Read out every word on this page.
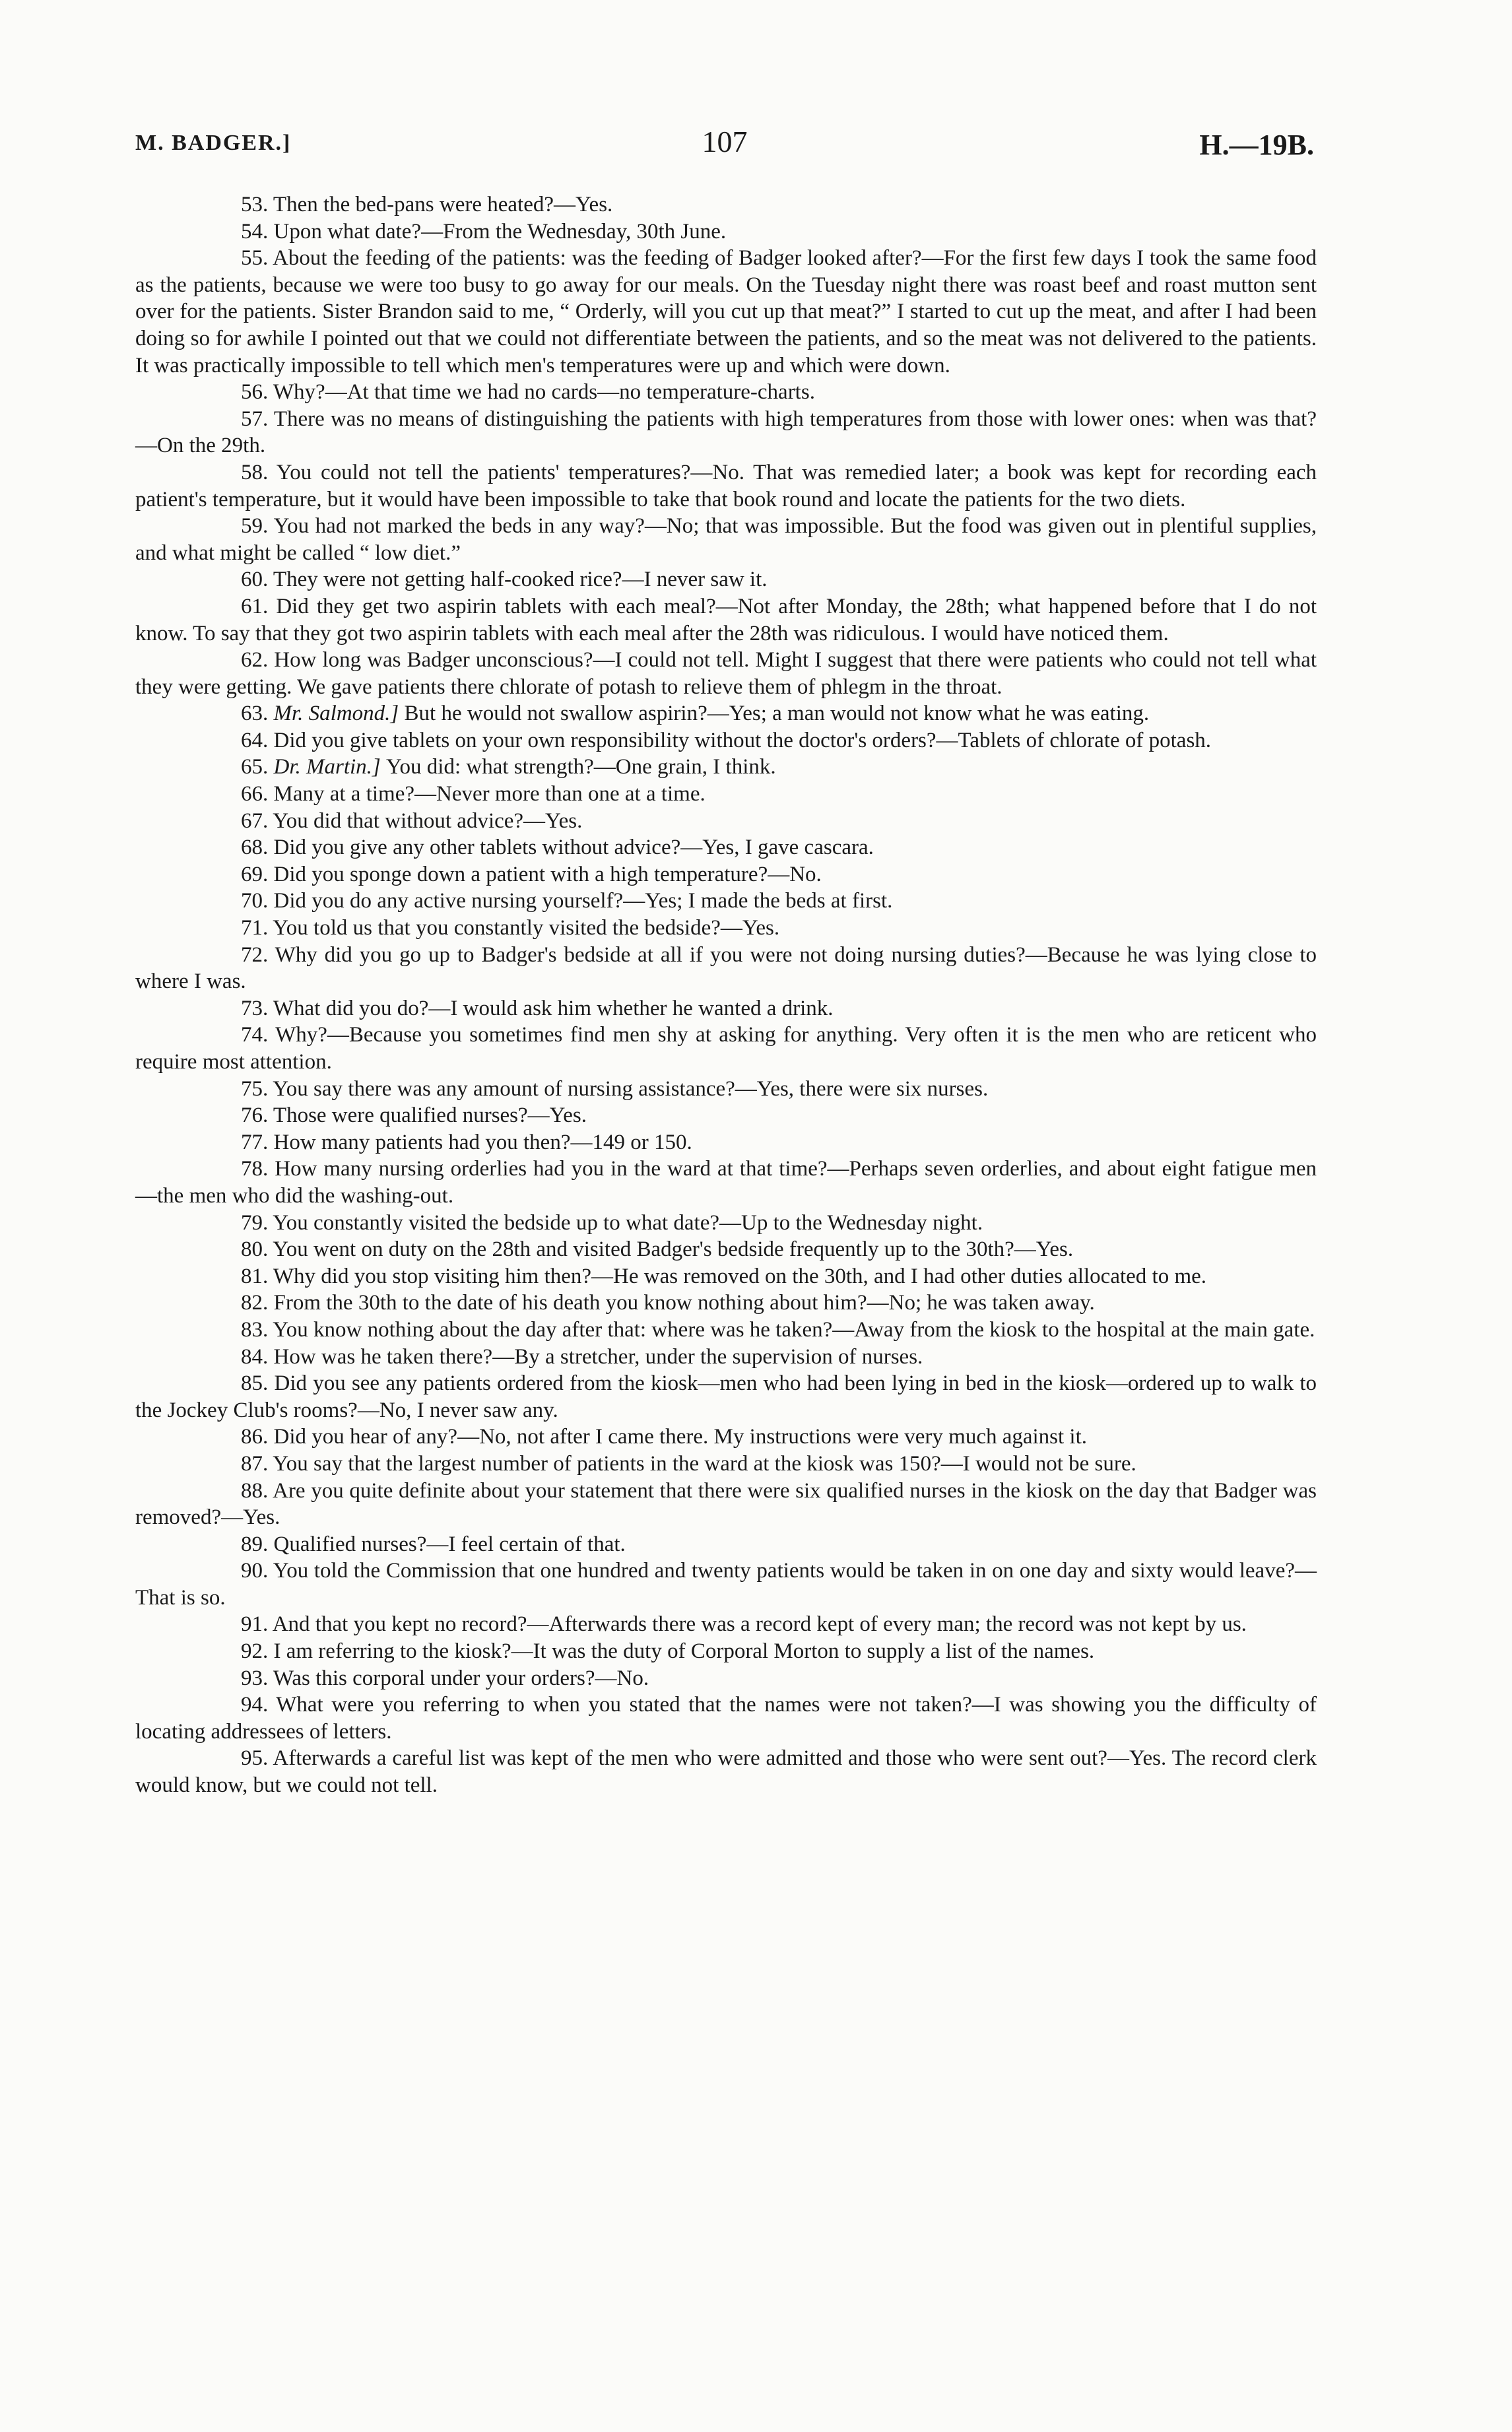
M. BADGER.]	107	H.—19B.

53. Then the bed-pans were heated?—Yes.

54. Upon what date?—From the Wednesday, 30th June.

55. About the feeding of the patients: was the feeding of Badger looked after?—For the first few days I took the same food as the patients, because we were too busy to go away for our meals. On the Tuesday night there was roast beef and roast mutton sent over for the patients. Sister Brandon said to me, “ Orderly, will you cut up that meat?” I started to cut up the meat, and after I had been doing so for awhile I pointed out that we could not differentiate between the patients, and so the meat was not delivered to the patients. It was practically impossible to tell which men's temperatures were up and which were down.

56. Why?—At that time we had no cards—no temperature-charts.

57. There was no means of distinguishing the patients with high temperatures from those with lower ones: when was that?—On the 29th.

58. You could not tell the patients' temperatures?—No. That was remedied later; a book was kept for recording each patient's temperature, but it would have been impossible to take that book round and locate the patients for the two diets.

59. You had not marked the beds in any way?—No; that was impossible. But the food was given out in plentiful supplies, and what might be called “ low diet.”

60. They were not getting half-cooked rice?—I never saw it.

61. Did they get two aspirin tablets with each meal?—Not after Monday, the 28th; what happened before that I do not know. To say that they got two aspirin tablets with each meal after the 28th was ridiculous. I would have noticed them.

62. How long was Badger unconscious?—I could not tell. Might I suggest that there were patients who could not tell what they were getting. We gave patients there chlorate of potash to relieve them of phlegm in the throat.

63. Mr. Salmond.] But he would not swallow aspirin?—Yes; a man would not know what he was eating.

64. Did you give tablets on your own responsibility without the doctor's orders?—Tablets of chlorate of potash.

65. Dr. Martin.] You did: what strength?—One grain, I think.

66. Many at a time?—Never more than one at a time.

67. You did that without advice?—Yes.

68. Did you give any other tablets without advice?—Yes, I gave cascara.

69. Did you sponge down a patient with a high temperature?—No.

70. Did you do any active nursing yourself?—Yes; I made the beds at first.

71. You told us that you constantly visited the bedside?—Yes.

72. Why did you go up to Badger's bedside at all if you were not doing nursing duties?—Because he was lying close to where I was.

73. What did you do?—I would ask him whether he wanted a drink.

74. Why?—Because you sometimes find men shy at asking for anything. Very often it is the men who are reticent who require most attention.

75. You say there was any amount of nursing assistance?—Yes, there were six nurses.

76. Those were qualified nurses?—Yes.

77. How many patients had you then?—149 or 150.

78. How many nursing orderlies had you in the ward at that time?—Perhaps seven orderlies, and about eight fatigue men—the men who did the washing-out.

79. You constantly visited the bedside up to what date?—Up to the Wednesday night.

80. You went on duty on the 28th and visited Badger's bedside frequently up to the 30th?—Yes.

81. Why did you stop visiting him then?—He was removed on the 30th, and I had other duties allocated to me.

82. From the 30th to the date of his death you know nothing about him?—No; he was taken away.

83. You know nothing about the day after that: where was he taken?—Away from the kiosk to the hospital at the main gate.

84. How was he taken there?—By a stretcher, under the supervision of nurses.

85. Did you see any patients ordered from the kiosk—men who had been lying in bed in the kiosk—ordered up to walk to the Jockey Club's rooms?—No, I never saw any.

86. Did you hear of any?—No, not after I came there. My instructions were very much against it.

87. You say that the largest number of patients in the ward at the kiosk was 150?—I would not be sure.

88. Are you quite definite about your statement that there were six qualified nurses in the kiosk on the day that Badger was removed?—Yes.

89. Qualified nurses?—I feel certain of that.

90. You told the Commission that one hundred and twenty patients would be taken in on one day and sixty would leave?—That is so.

91. And that you kept no record?—Afterwards there was a record kept of every man; the record was not kept by us.

92. I am referring to the kiosk?—It was the duty of Corporal Morton to supply a list of the names.

93. Was this corporal under your orders?—No.

94. What were you referring to when you stated that the names were not taken?—I was showing you the difficulty of locating addressees of letters.

95. Afterwards a careful list was kept of the men who were admitted and those who were sent out?—Yes. The record clerk would know, but we could not tell.
